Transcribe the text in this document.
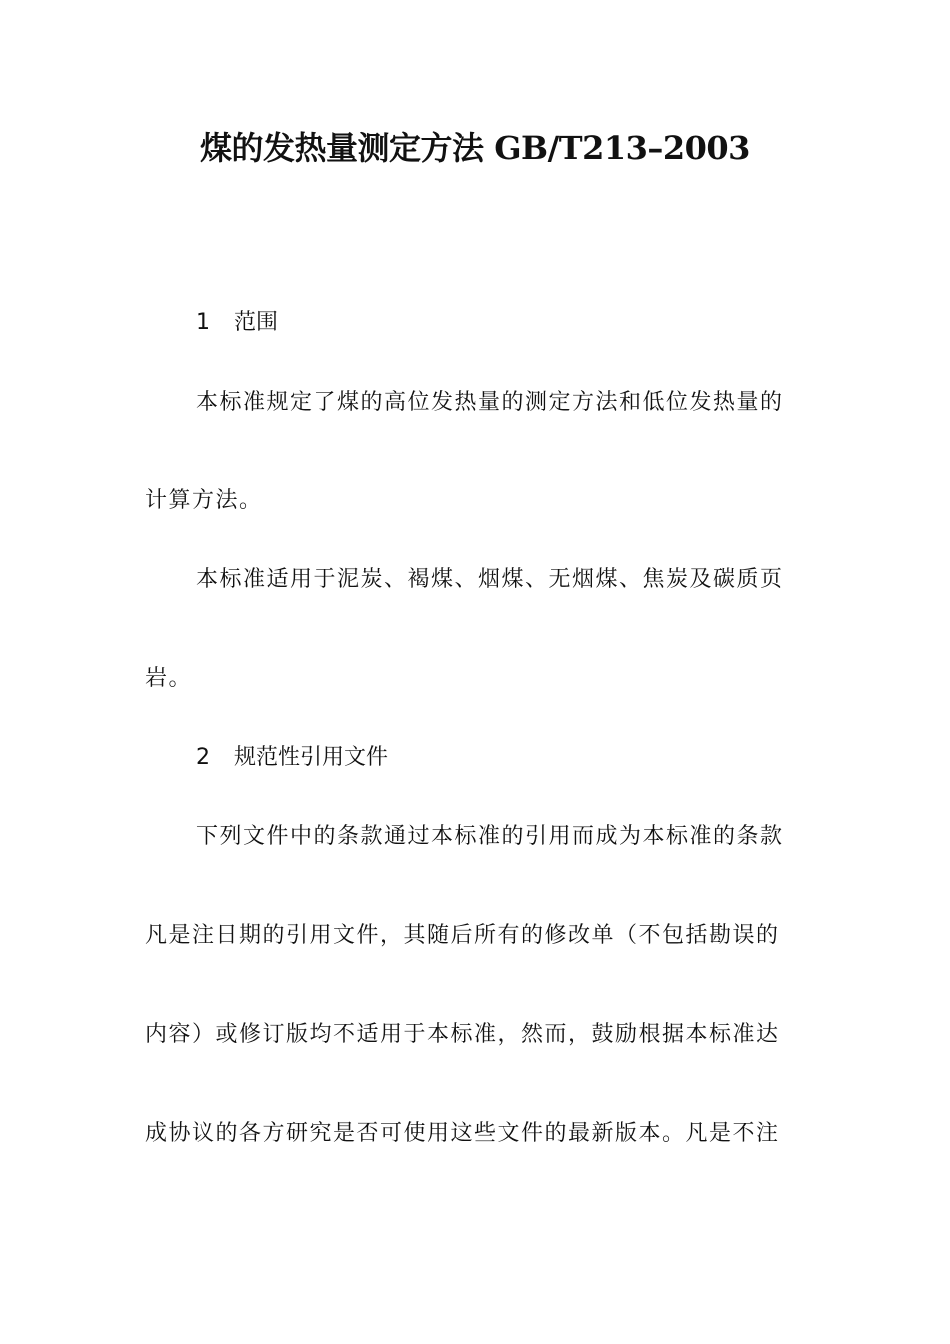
煤的发热量测定方法 GB/T213–2003
1 范围

本标准规定了煤的高位发热量的测定方法和低位发热量的

计算方法。

本标准适用于泥炭、褐煤、烟煤、无烟煤、焦炭及碳质页

岩。

2 规范性引用文件

下列文件中的条款通过本标准的引用而成为本标准的条款

凡是注日期的引用文件，其随后所有的修改单（不包括勘误的

内容）或修订版均不适用于本标准，然而，鼓励根据本标准达

成协议的各方研究是否可使用这些文件的最新版本。凡是不注
